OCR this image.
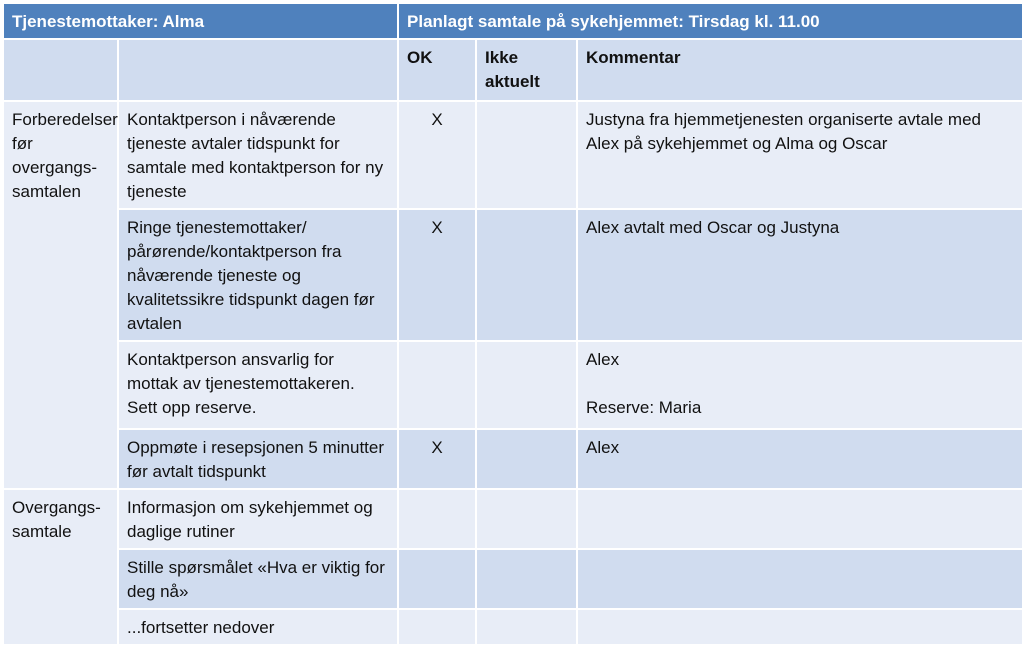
Tjenestemottaker: Alma		Planlagt samtale på sykehjemmet: Tirsdag kl. 11.00		
		OK	Ikke aktuelt	Kommentar
Forberedelser før overgangs-samtalen	Kontaktperson i nåværende tjeneste avtaler tidspunkt for samtale med kontaktperson for ny tjeneste	X		Justyna fra hjemmetjenesten organiserte avtale med Alex på sykehjemmet og Alma og Oscar
	Ringe tjenestemottaker/ pårørende/kontaktperson fra nåværende tjeneste og kvalitetssikre tidspunkt dagen før avtalen	X		Alex avtalt med Oscar og Justyna
	Kontaktperson ansvarlig for mottak av tjenestemottakeren. Sett opp reserve.			Alex
Reserve: Maria

	Oppmøte i resepsjonen 5 minutter før avtalt tidspunkt	X		Alex
Overgangs-samtale	Informasjon om sykehjemmet og daglige rutiner			
	Stille spørsmålet «Hva er viktig for deg nå»			
	...fortsetter nedover			
